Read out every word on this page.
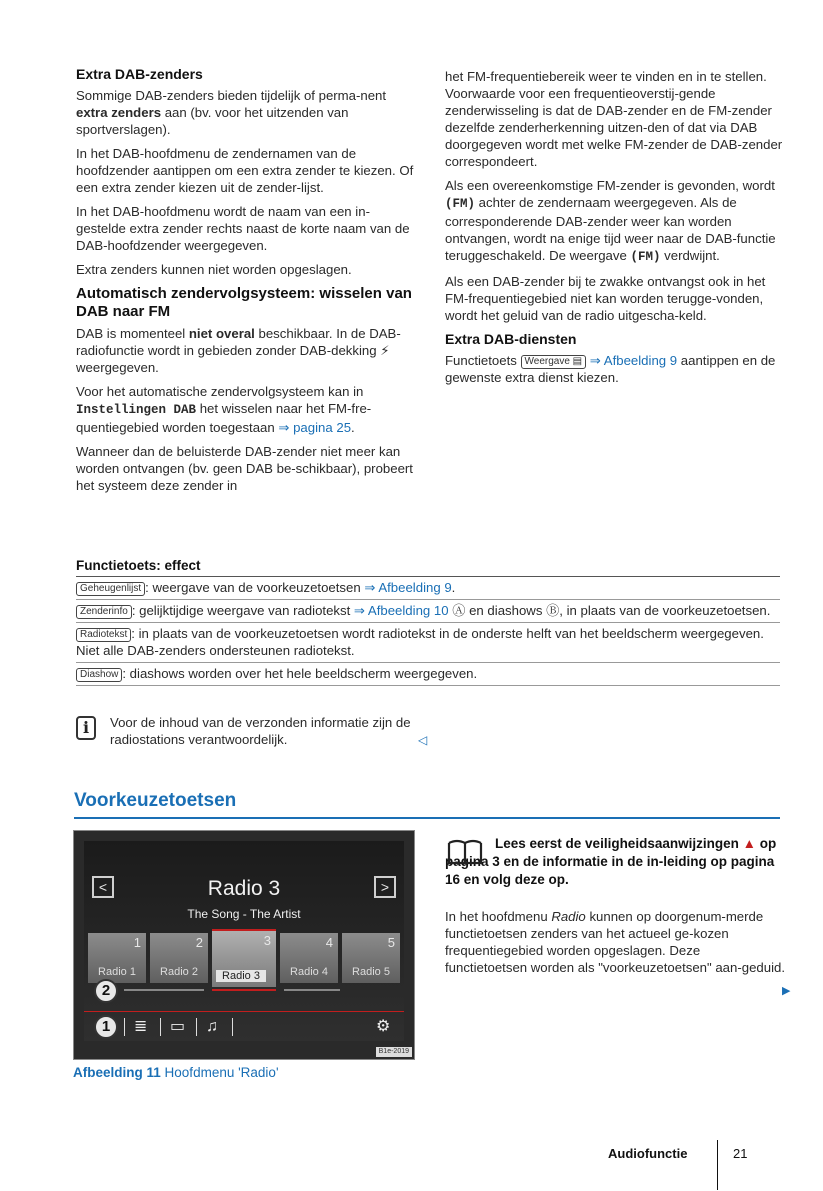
Extra DAB-zenders

Sommige DAB-zenders bieden tijdelijk of perma-nent extra zenders aan (bv. voor het uitzenden van sportverslagen).

In het DAB-hoofdmenu de zendernamen van de hoofdzender aantippen om een extra zender te kiezen. Of een extra zender kiezen uit de zender-lijst.

In het DAB-hoofdmenu wordt de naam van een in-gestelde extra zender rechts naast de korte naam van de DAB-hoofdzender weergegeven.

Extra zenders kunnen niet worden opgeslagen.

Automatisch zendervolgsysteem: wisselen van DAB naar FM

DAB is momenteel niet overal beschikbaar. In de DAB-radiofunctie wordt in gebieden zonder DAB-dekking ⚡ weergegeven.

Voor het automatische zendervolgsysteem kan in Instellingen DAB het wisselen naar het FM-fre-quentiegebied worden toegestaan ⇒ pagina 25.

Wanneer dan de beluisterde DAB-zender niet meer kan worden ontvangen (bv. geen DAB be-schikbaar), probeert het systeem deze zender in

het FM-frequentiebereik weer te vinden en in te stellen. Voorwaarde voor een frequentieoverstij-gende zenderwisseling is dat de DAB-zender en de FM-zender dezelfde zenderherkenning uitzen-den of dat via DAB doorgegeven wordt met welke FM-zender de DAB-zender correspondeert.

Als een overeenkomstige FM-zender is gevonden, wordt (FM) achter de zendernaam weergegeven. Als de corresponderende DAB-zender weer kan worden ontvangen, wordt na enige tijd weer naar de DAB-functie teruggeschakeld. De weergave (FM) verdwijnt.

Als een DAB-zender bij te zwakke ontvangst ook in het FM-frequentiegebied niet kan worden terugge-vonden, wordt het geluid van de radio uitgescha-keld.

Extra DAB-diensten

Functietoets Weergave ▤ ⇒ Afbeelding 9 aantippen en de gewenste extra dienst kiezen.

Functietoets: effect
Geheugenlijst : weergave van de voorkeuzetoetsen ⇒ Afbeelding 9.
Zenderinfo : gelijktijdige weergave van radiotekst ⇒ Afbeelding 10 Ⓐ en diashows Ⓑ, in plaats van de voorkeuzetoetsen.
Radiotekst : in plaats van de voorkeuzetoetsen wordt radiotekst in de onderste helft van het beeldscherm weergegeven. Niet alle DAB-zenders ondersteunen radiotekst.
Diashow : diashows worden over het hele beeldscherm weergegeven.
i	Voor de inhoud van de verzonden informatie zijn de radiostations verantwoordelijk.	◁
Voorkeuzetoetsen
<	>
Radio 3
The Song - The Artist
1
Radio 1
2
Radio 2
3
Radio 3
4
Radio 4
5
Radio 5
2
1	≣ ▭ ♫	⚙
B1e-2019
Afbeelding 11 Hoofdmenu 'Radio'
Lees eerst de veiligheidsaanwijzingen ▲ op pagina 3 en de informatie in de in-leiding op pagina 16 en volg deze op.
In het hoofdmenu Radio kunnen op doorgenum-merde functietoetsen zenders van het actueel ge-kozen frequentiegebied worden opgeslagen. Deze functietoetsen worden als "voorkeuzetoetsen" aan-geduid.
▶
Audiofunctie	21
